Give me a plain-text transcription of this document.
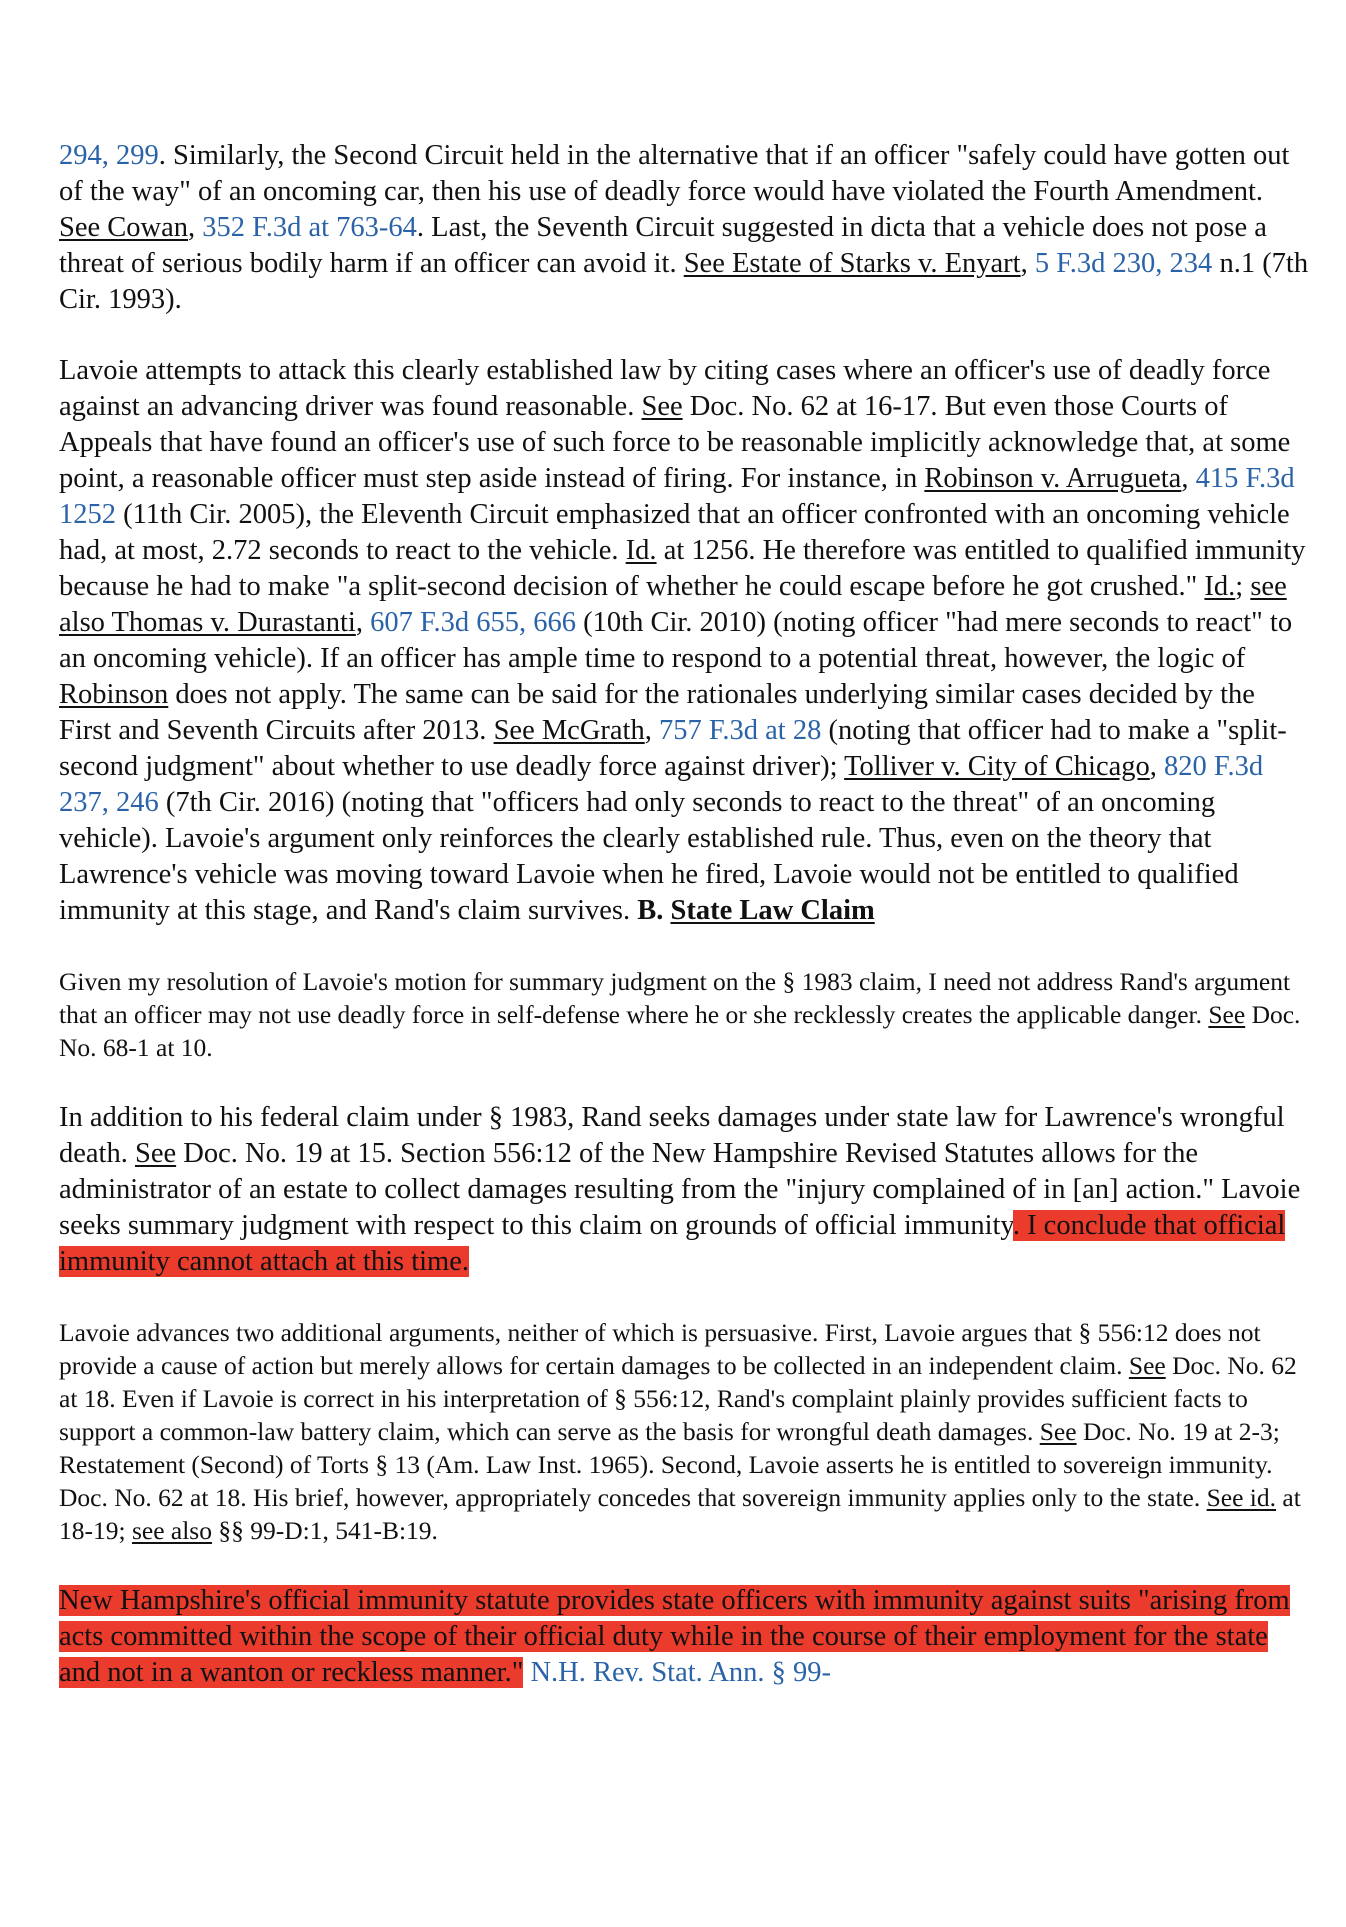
294, 299. Similarly, the Second Circuit held in the alternative that if an officer "safely could have gotten out of the way" of an oncoming car, then his use of deadly force would have violated the Fourth Amendment. See Cowan, 352 F.3d at 763-64. Last, the Seventh Circuit suggested in dicta that a vehicle does not pose a threat of serious bodily harm if an officer can avoid it. See Estate of Starks v. Enyart, 5 F.3d 230, 234 n.1 (7th Cir. 1993).

Lavoie attempts to attack this clearly established law by citing cases where an officer's use of deadly force against an advancing driver was found reasonable. See Doc. No. 62 at 16-17. But even those Courts of Appeals that have found an officer's use of such force to be reasonable implicitly acknowledge that, at some point, a reasonable officer must step aside instead of firing. For instance, in Robinson v. Arrugueta, 415 F.3d 1252 (11th Cir. 2005), the Eleventh Circuit emphasized that an officer confronted with an oncoming vehicle had, at most, 2.72 seconds to react to the vehicle. Id. at 1256. He therefore was entitled to qualified immunity because he had to make "a split-second decision of whether he could escape before he got crushed." Id.; see also Thomas v. Durastanti, 607 F.3d 655, 666 (10th Cir. 2010) (noting officer "had mere seconds to react" to an oncoming vehicle). If an officer has ample time to respond to a potential threat, however, the logic of Robinson does not apply. The same can be said for the rationales underlying similar cases decided by the First and Seventh Circuits after 2013. See McGrath, 757 F.3d at 28 (noting that officer had to make a "split-second judgment" about whether to use deadly force against driver); Tolliver v. City of Chicago, 820 F.3d 237, 246 (7th Cir. 2016) (noting that "officers had only seconds to react to the threat" of an oncoming vehicle). Lavoie's argument only reinforces the clearly established rule. Thus, even on the theory that Lawrence's vehicle was moving toward Lavoie when he fired, Lavoie would not be entitled to qualified immunity at this stage, and Rand's claim survives. B. State Law Claim

Given my resolution of Lavoie's motion for summary judgment on the § 1983 claim, I need not address Rand's argument that an officer may not use deadly force in self-defense where he or she recklessly creates the applicable danger. See Doc. No. 68-1 at 10.

In addition to his federal claim under § 1983, Rand seeks damages under state law for Lawrence's wrongful death. See Doc. No. 19 at 15. Section 556:12 of the New Hampshire Revised Statutes allows for the administrator of an estate to collect damages resulting from the "injury complained of in [an] action." Lavoie seeks summary judgment with respect to this claim on grounds of official immunity. I conclude that official immunity cannot attach at this time.

Lavoie advances two additional arguments, neither of which is persuasive. First, Lavoie argues that § 556:12 does not provide a cause of action but merely allows for certain damages to be collected in an independent claim. See Doc. No. 62 at 18. Even if Lavoie is correct in his interpretation of § 556:12, Rand's complaint plainly provides sufficient facts to support a common-law battery claim, which can serve as the basis for wrongful death damages. See Doc. No. 19 at 2-3; Restatement (Second) of Torts § 13 (Am. Law Inst. 1965). Second, Lavoie asserts he is entitled to sovereign immunity. Doc. No. 62 at 18. His brief, however, appropriately concedes that sovereign immunity applies only to the state. See id. at 18-19; see also §§ 99-D:1, 541-B:19.

New Hampshire's official immunity statute provides state officers with immunity against suits "arising from acts committed within the scope of their official duty while in the course of their employment for the state and not in a wanton or reckless manner." N.H. Rev. Stat. Ann. § 99-
